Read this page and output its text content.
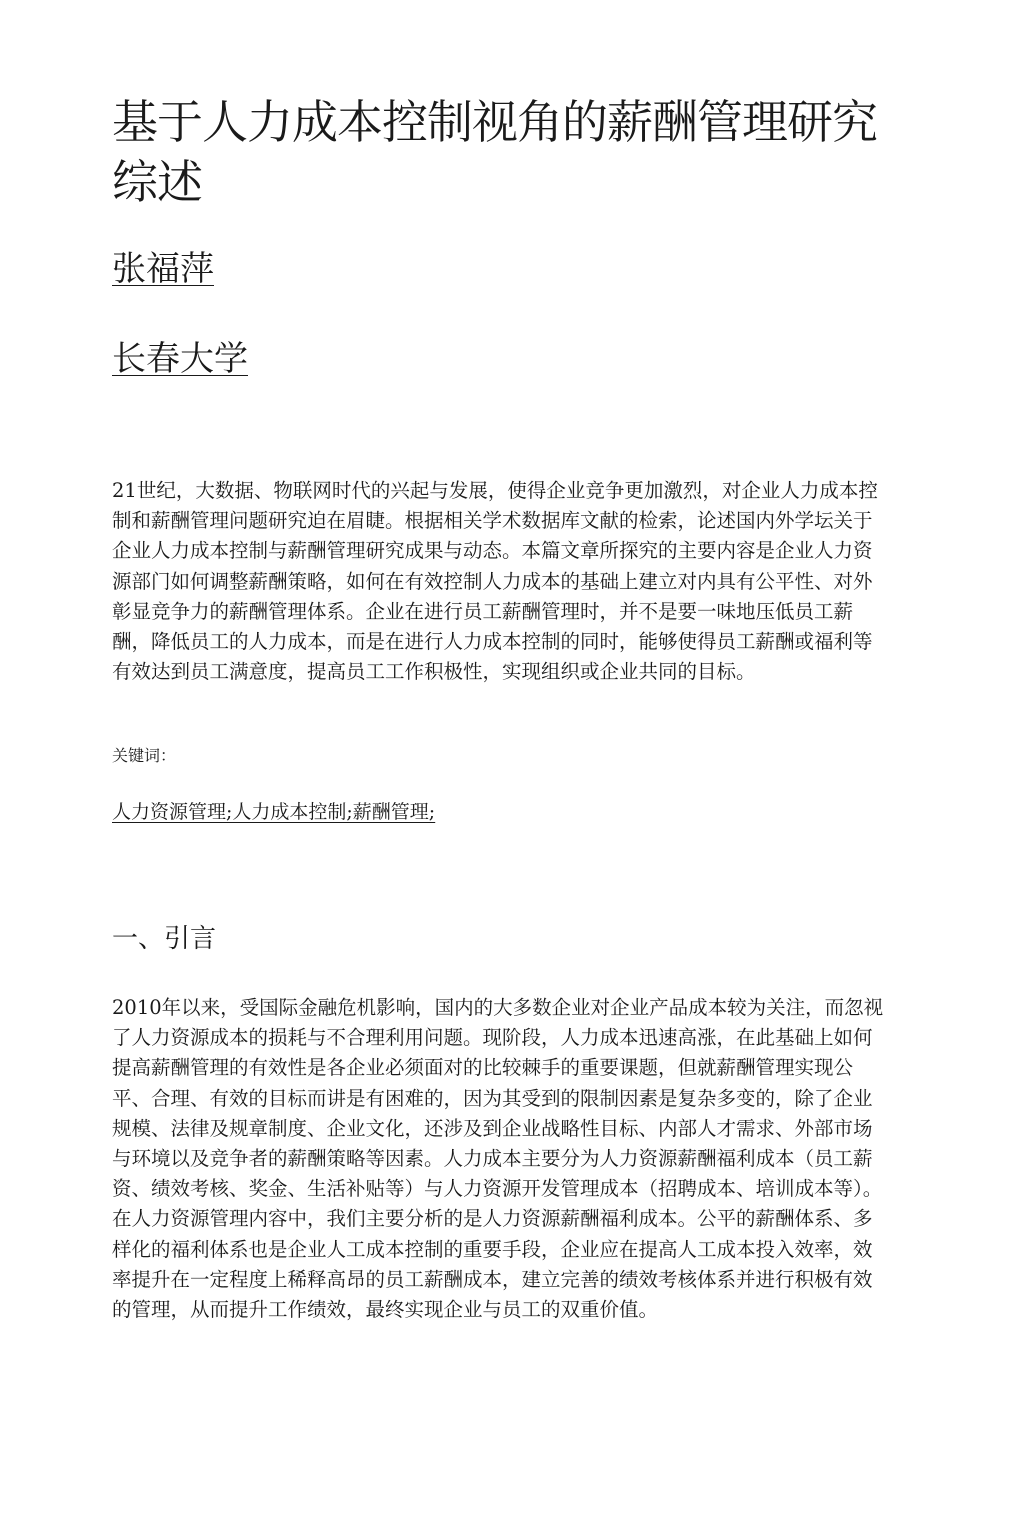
基于人力成本控制视角的薪酬管理研究综述
张福萍
长春大学

21世纪，大数据、物联网时代的兴起与发展，使得企业竞争更加激烈，对企业人力成本控制和薪酬管理问题研究迫在眉睫。根据相关学术数据库文献的检索，论述国内外学坛关于企业人力成本控制与薪酬管理研究成果与动态。本篇文章所探究的主要内容是企业人力资源部门如何调整薪酬策略，如何在有效控制人力成本的基础上建立对内具有公平性、对外彰显竞争力的薪酬管理体系。企业在进行员工薪酬管理时，并不是要一味地压低员工薪酬，降低员工的人力成本，而是在进行人力成本控制的同时，能够使得员工薪酬或福利等有效达到员工满意度，提高员工工作积极性，实现组织或企业共同的目标。

关键词：
人力资源管理;人力成本控制;薪酬管理;
一、引言

2010年以来，受国际金融危机影响，国内的大多数企业对企业产品成本较为关注，而忽视了人力资源成本的损耗与不合理利用问题。现阶段，人力成本迅速高涨，在此基础上如何提高薪酬管理的有效性是各企业必须面对的比较棘手的重要课题，但就薪酬管理实现公平、合理、有效的目标而讲是有困难的，因为其受到的限制因素是复杂多变的，除了企业规模、法律及规章制度、企业文化，还涉及到企业战略性目标、内部人才需求、外部市场与环境以及竞争者的薪酬策略等因素。人力成本主要分为人力资源薪酬福利成本（员工薪资、绩效考核、奖金、生活补贴等）与人力资源开发管理成本（招聘成本、培训成本等）。在人力资源管理内容中，我们主要分析的是人力资源薪酬福利成本。公平的薪酬体系、多样化的福利体系也是企业人工成本控制的重要手段，企业应在提高人工成本投入效率，效率提升在一定程度上稀释高昂的员工薪酬成本，建立完善的绩效考核体系并进行积极有效的管理，从而提升工作绩效，最终实现企业与员工的双重价值。
